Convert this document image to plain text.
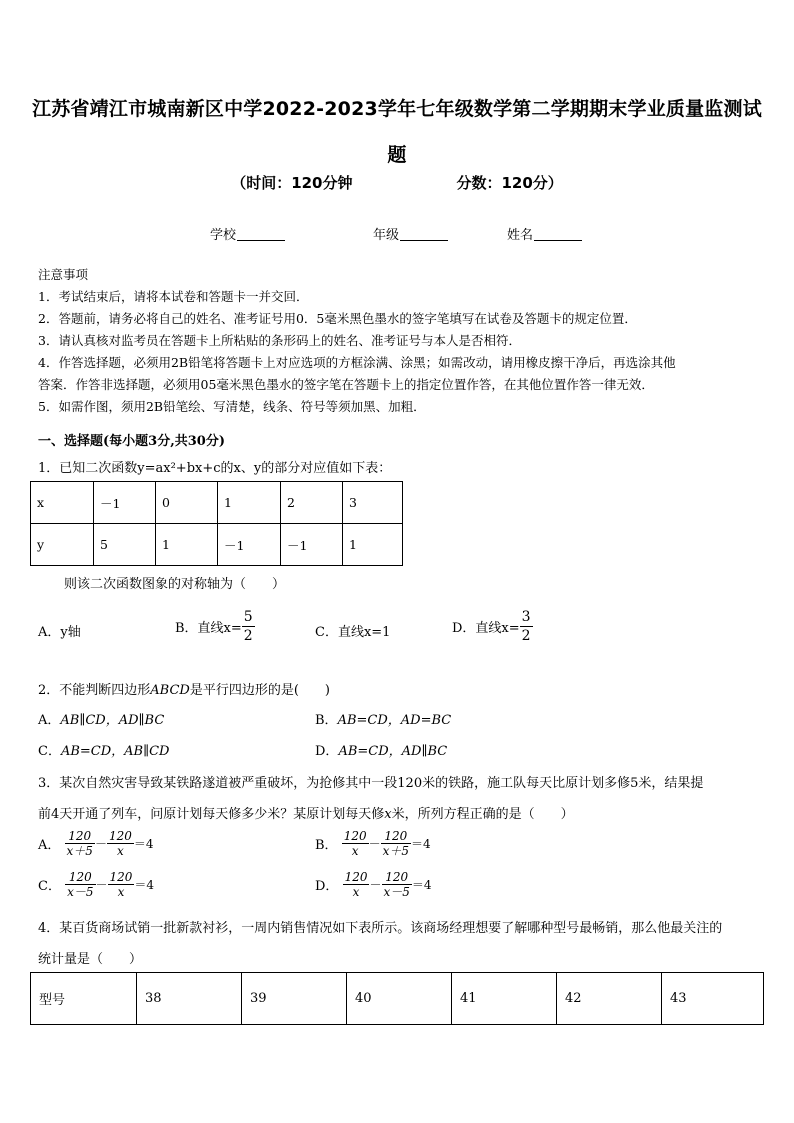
江苏省靖江市城南新区中学2022-2023学年七年级数学第二学期期末学业质量监测试
题
（时间：120分钟	分数：120分）
学校	年级	姓名

注意事项

1．考试结束后，请将本试卷和答题卡一并交回．

2．答题前，请务必将自己的姓名、准考证号用0．5毫米黑色墨水的签字笔填写在试卷及答题卡的规定位置．

3．请认真核对监考员在答题卡上所粘贴的条形码上的姓名、准考证号与本人是否相符．

4．作答选择题，必须用2B铅笔将答题卡上对应选项的方框涂满、涂黑；如需改动，请用橡皮擦干净后，再选涂其他

答案．作答非选择题，必须用05毫米黑色墨水的签字笔在答题卡上的指定位置作答，在其他位置作答一律无效．

5．如需作图，须用2B铅笔绘、写清楚，线条、符号等须加黑、加粗．

一、选择题(每小题3分,共30分)
1．已知二次函数y=ax²+bx+c的x、y的部分对应值如下表：
x	－1	0	1	2	3
y	5	1	－1	－1	1
则该二次函数图象的对称轴为（　　）
A．y轴	B．直线$x= \frac{5}{2}$	C．直线x=1	D．直线$x= \frac{3}{2}$
2．不能判断四边形ABCD是平行四边形的是(　　)
A．AB∥CD，AD∥BC	B．AB=CD，AD=BC
C．AB=CD，AB∥CD	D．AB=CD，AD∥BC
3．某次自然灾害导致某铁路遂道被严重破坏，为抢修其中一段120米的铁路，施工队每天比原计划多修5米，结果提
前4天开通了列车，问原计划每天修多少米？某原计划每天修x米，所列方程正确的是（　　）
A． $\frac{120}{x+5} - \frac{120}{x} =4$	B． $\frac{120}{x} - \frac{120}{x+5} =4$
C． $\frac{120}{x-5} - \frac{120}{x} =4$	D． $\frac{120}{x} - \frac{120}{x-5} =4$
4．某百货商场试销一批新款衬衫，一周内销售情况如下表所示。该商场经理想要了解哪种型号最畅销，那么他最关注的
统计量是（　　）
型号	38	39	40	41	42	43
